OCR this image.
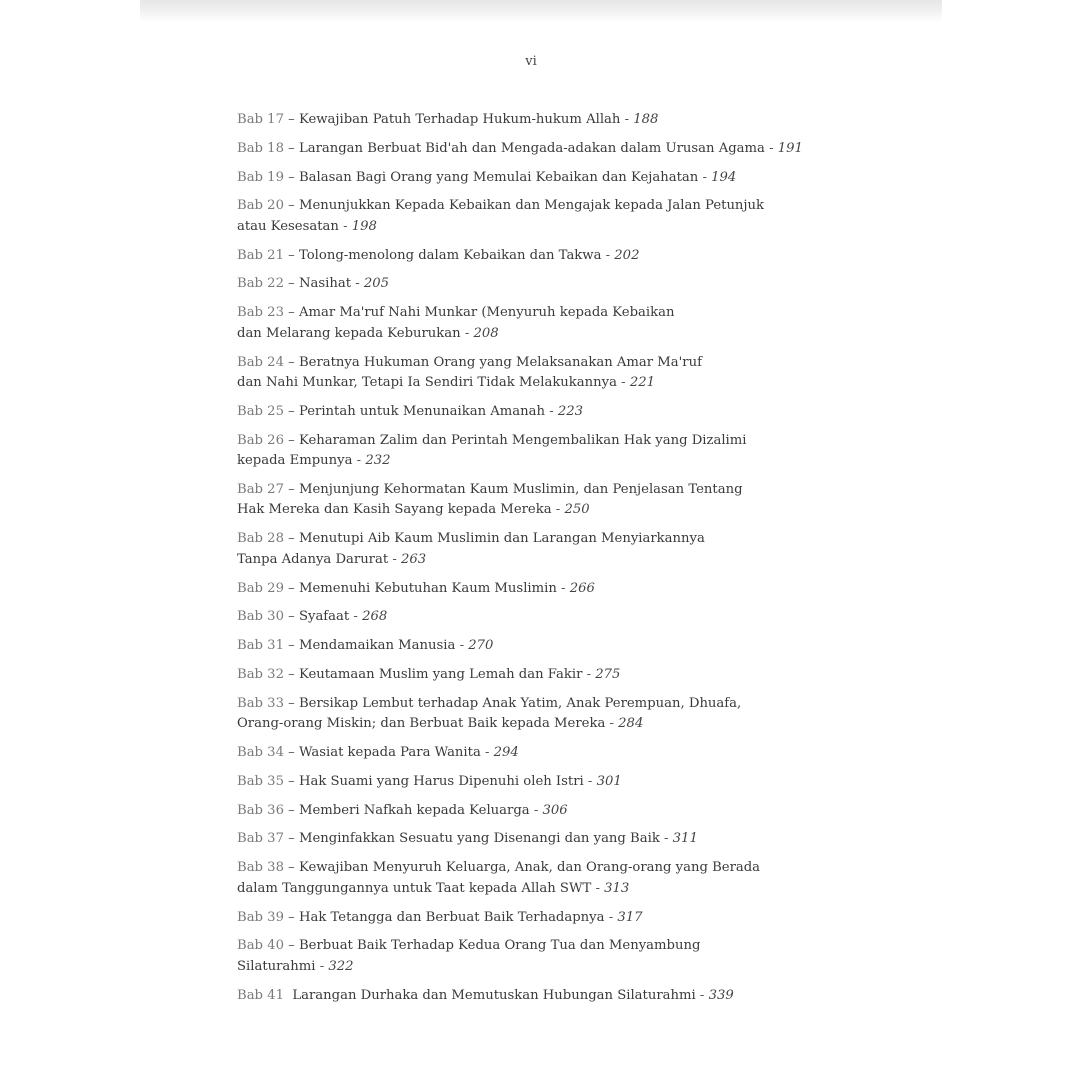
vi
Bab 17 – Kewajiban Patuh Terhadap Hukum-hukum Allah - 188
Bab 18 – Larangan Berbuat Bid'ah dan Mengada-adakan dalam Urusan Agama - 191
Bab 19 – Balasan Bagi Orang yang Memulai Kebaikan dan Kejahatan - 194
Bab 20 – Menunjukkan Kepada Kebaikan dan Mengajak kepada Jalan Petunjuk
atau Kesesatan - 198
Bab 21 – Tolong-menolong dalam Kebaikan dan Takwa - 202
Bab 22 – Nasihat - 205
Bab 23 – Amar Ma'ruf Nahi Munkar (Menyuruh kepada Kebaikan
dan Melarang kepada Keburukan - 208
Bab 24 – Beratnya Hukuman Orang yang Melaksanakan Amar Ma'ruf
dan Nahi Munkar, Tetapi Ia Sendiri Tidak Melakukannya - 221
Bab 25 – Perintah untuk Menunaikan Amanah - 223
Bab 26 – Keharaman Zalim dan Perintah Mengembalikan Hak yang Dizalimi
kepada Empunya - 232
Bab 27 – Menjunjung Kehormatan Kaum Muslimin, dan Penjelasan Tentang
Hak Mereka dan Kasih Sayang kepada Mereka - 250
Bab 28 – Menutupi Aib Kaum Muslimin dan Larangan Menyiarkannya
Tanpa Adanya Darurat - 263
Bab 29 – Memenuhi Kebutuhan Kaum Muslimin - 266
Bab 30 – Syafaat - 268
Bab 31 – Mendamaikan Manusia - 270
Bab 32 – Keutamaan Muslim yang Lemah dan Fakir - 275
Bab 33 – Bersikap Lembut terhadap Anak Yatim, Anak Perempuan, Dhuafa,
Orang-orang Miskin; dan Berbuat Baik kepada Mereka - 284
Bab 34 – Wasiat kepada Para Wanita - 294
Bab 35 – Hak Suami yang Harus Dipenuhi oleh Istri - 301
Bab 36 – Memberi Nafkah kepada Keluarga - 306
Bab 37 – Menginfakkan Sesuatu yang Disenangi dan yang Baik - 311
Bab 38 – Kewajiban Menyuruh Keluarga, Anak, dan Orang-orang yang Berada
dalam Tanggungannya untuk Taat kepada Allah SWT - 313
Bab 39 – Hak Tetangga dan Berbuat Baik Terhadapnya - 317
Bab 40 – Berbuat Baik Terhadap Kedua Orang Tua dan Menyambung
Silaturahmi - 322
Bab 41 Larangan Durhaka dan Memutuskan Hubungan Silaturahmi - 339
